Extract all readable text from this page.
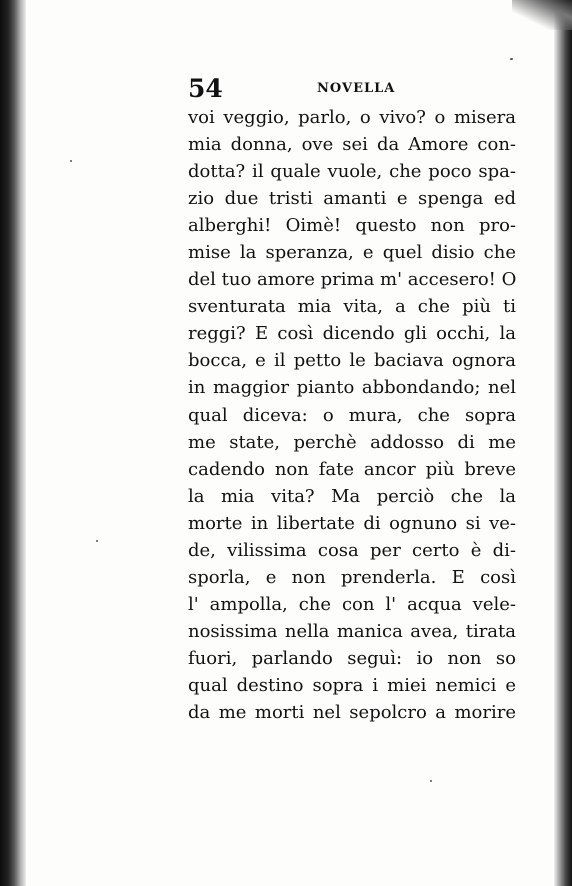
54	NOVELLA
voi veggio, parlo, o vivo? o misera
mia donna, ove sei da Amore con-
dotta? il quale vuole, che poco spa-
zio due tristi amanti e spenga ed
alberghi! Oimè! questo non pro-
mise la speranza, e quel disio che
del tuo amore prima m' accesero! O
sventurata mia vita, a che più ti
reggi? E così dicendo gli occhi, la
bocca, e il petto le baciava ognora
in maggior pianto abbondando; nel
qual diceva: o mura, che sopra
me state, perchè addosso di me
cadendo non fate ancor più breve
la mia vita? Ma perciò che la
morte in libertate di ognuno si ve-
de, vilissima cosa per certo è di-
sporla, e non prenderla. E così
l' ampolla, che con l' acqua vele-
nosissima nella manica avea, tirata
fuori, parlando seguì: io non so
qual destino sopra i miei nemici e
da me morti nel sepolcro a morire
